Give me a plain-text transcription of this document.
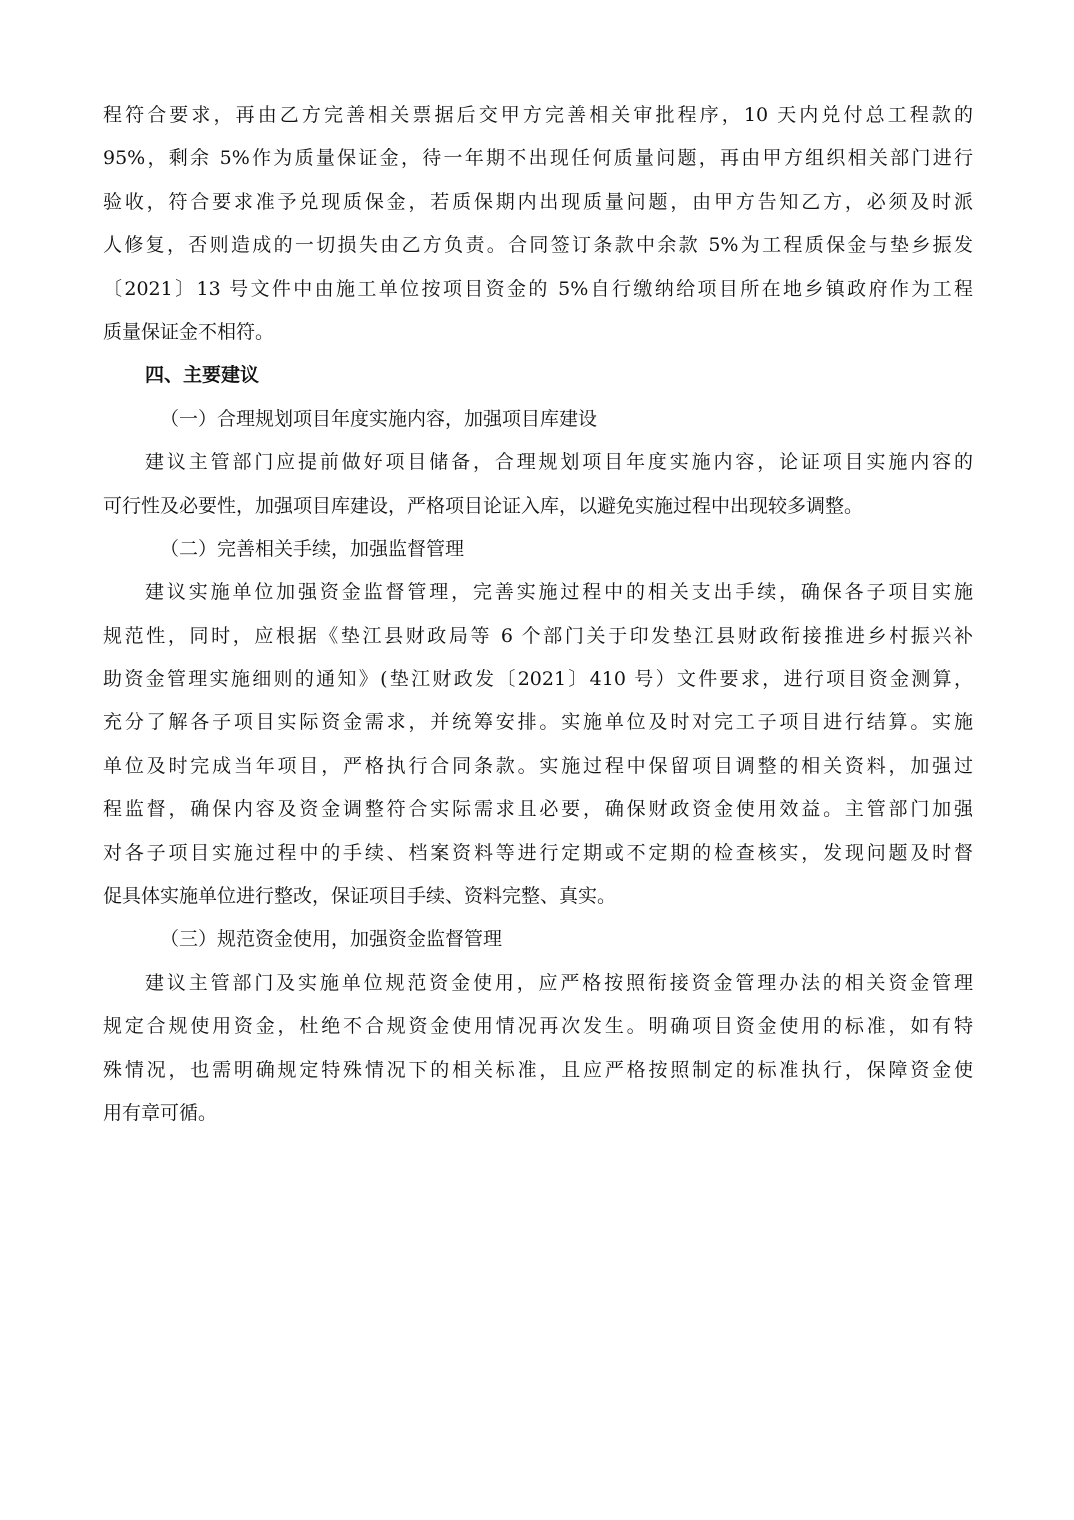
程符合要求，再由乙方完善相关票据后交甲方完善相关审批程序，10 天内兑付总工程款的
95%，剩余 5%作为质量保证金，待一年期不出现任何质量问题，再由甲方组织相关部门进行
验收，符合要求准予兑现质保金，若质保期内出现质量问题，由甲方告知乙方，必须及时派
人修复，否则造成的一切损失由乙方负责。合同签订条款中余款 5%为工程质保金与垫乡振发
〔2021〕13 号文件中由施工单位按项目资金的 5%自行缴纳给项目所在地乡镇政府作为工程
质量保证金不相符。
四、主要建议
（一）合理规划项目年度实施内容，加强项目库建设
建议主管部门应提前做好项目储备，合理规划项目年度实施内容，论证项目实施内容的
可行性及必要性，加强项目库建设，严格项目论证入库，以避免实施过程中出现较多调整。
（二）完善相关手续，加强监督管理
建议实施单位加强资金监督管理，完善实施过程中的相关支出手续，确保各子项目实施
规范性，同时，应根据《垫江县财政局等 6 个部门关于印发垫江县财政衔接推进乡村振兴补
助资金管理实施细则的通知》(垫江财政发〔2021〕410 号）文件要求，进行项目资金测算，
充分了解各子项目实际资金需求，并统筹安排。实施单位及时对完工子项目进行结算。实施
单位及时完成当年项目，严格执行合同条款。实施过程中保留项目调整的相关资料，加强过
程监督，确保内容及资金调整符合实际需求且必要，确保财政资金使用效益。主管部门加强
对各子项目实施过程中的手续、档案资料等进行定期或不定期的检查核实，发现问题及时督
促具体实施单位进行整改，保证项目手续、资料完整、真实。
（三）规范资金使用，加强资金监督管理
建议主管部门及实施单位规范资金使用，应严格按照衔接资金管理办法的相关资金管理
规定合规使用资金，杜绝不合规资金使用情况再次发生。明确项目资金使用的标准，如有特
殊情况，也需明确规定特殊情况下的相关标准，且应严格按照制定的标准执行，保障资金使
用有章可循。
